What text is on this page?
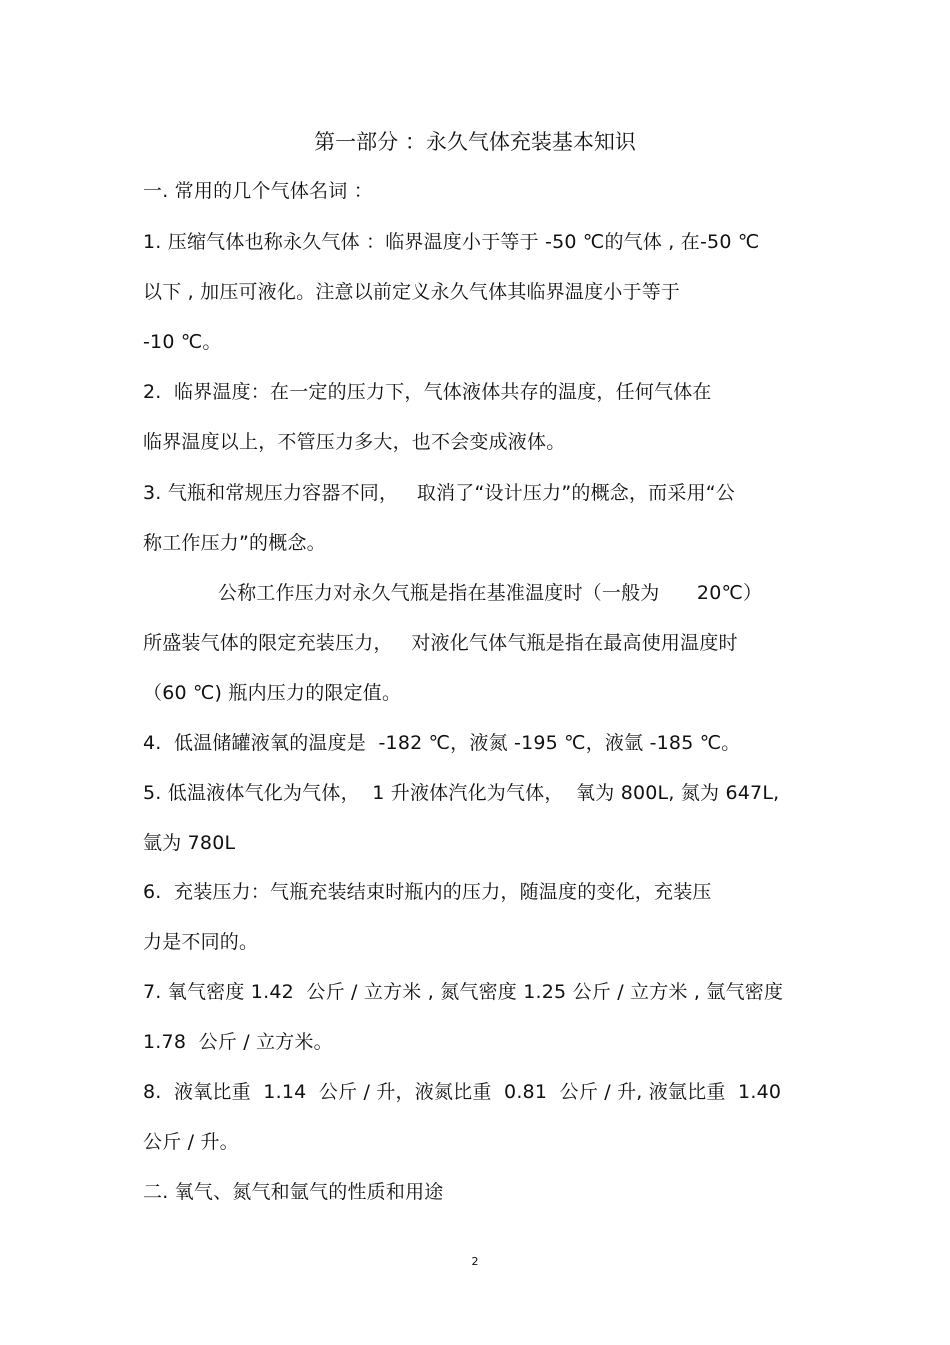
第一部分 ：永久气体充装基本知识
一. 常用的几个气体名词 ：
1. 压缩气体也称永久气体 ：临界温度小于等于 -50 ℃的气体 , 在-50 ℃
以下 , 加压可液化。注意以前定义永久气体其临界温度小于等于
-10 ℃。
2.  临界温度：在一定的压力下，气体液体共存的温度，任何气体在
临界温度以上，不管压力多大，也不会变成液体。
3. 气瓶和常规压力容器不同，   取消了“设计压力”的概念，而采用“公
称工作压力”的概念。
公称工作压力对永久气瓶是指在基准温度时（一般为      20℃）
所盛装气体的限定充装压力，   对液化气体气瓶是指在最高使用温度时
（60 ℃) 瓶内压力的限定值。
4.  低温储罐液氧的温度是  -182 ℃，液氮 -195 ℃，液氩 -185 ℃。
5. 低温液体气化为气体，  1 升液体汽化为气体，  氧为 800L, 氮为 647L,
氩为 780L
6.  充装压力：气瓶充装结束时瓶内的压力，随温度的变化，充装压
力是不同的。
7. 氧气密度 1.42  公斤 / 立方米 , 氮气密度 1.25 公斤 / 立方米 , 氩气密度
1.78  公斤 / 立方米。
8.  液氧比重  1.14  公斤 / 升，液氮比重  0.81  公斤 / 升, 液氩比重  1.40
公斤 / 升。
二. 氧气、氮气和氩气的性质和用途
2
